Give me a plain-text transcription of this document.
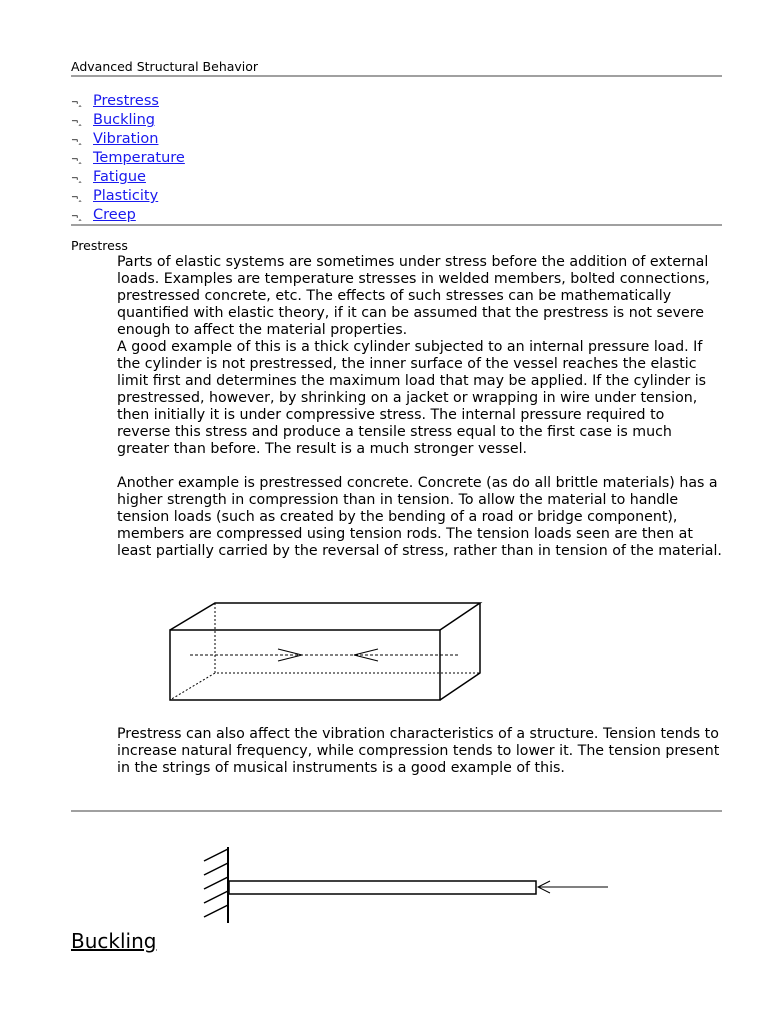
Advanced Structural Behavior
¬‸ Prestress
¬‸ Buckling
¬‸ Vibration
¬‸ Temperature
¬‸ Fatigue
¬‸ Plasticity
¬‸ Creep
Prestress

Parts of elastic systems are sometimes under stress before the addition of external loads. Examples are temperature stresses in welded members, bolted connections, prestressed concrete, etc. The effects of such stresses can be mathematically quantified with elastic theory, if it can be assumed that the prestress is not severe enough to affect the material properties.

A good example of this is a thick cylinder subjected to an internal pressure load. If the cylinder is not prestressed, the inner surface of the vessel reaches the elastic limit first and determines the maximum load that may be applied. If the cylinder is prestressed, however, by shrinking on a jacket or wrapping in wire under tension, then initially it is under compressive stress. The internal pressure required to reverse this stress and produce a tensile stress equal to the first case is much greater than before. The result is a much stronger vessel.

Another example is prestressed concrete. Concrete (as do all brittle materials) has a higher strength in compression than in tension. To allow the material to handle tension loads (such as created by the bending of a road or bridge component), members are compressed using tension rods. The tension loads seen are then at least partially carried by the reversal of stress, rather than in tension of the material.

Prestress can also affect the vibration characteristics of a structure. Tension tends to increase natural frequency, while compression tends to lower it. The tension present in the strings of musical instruments is a good example of this.

Buckling
